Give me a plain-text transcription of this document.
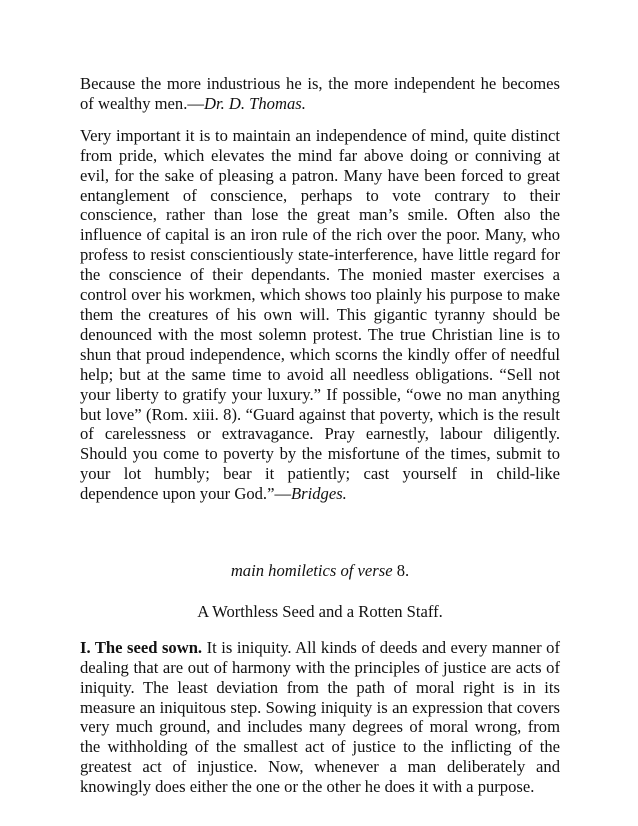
Because the more industrious he is, the more independent he becomes of wealthy men.—Dr. D. Thomas.

Very important it is to maintain an independence of mind, quite distinct from pride, which elevates the mind far above doing or conniving at evil, for the sake of pleasing a patron. Many have been forced to great entanglement of conscience, perhaps to vote contrary to their conscience, rather than lose the great man’s smile. Often also the influence of capital is an iron rule of the rich over the poor. Many, who profess to resist conscientiously state-interference, have little regard for the conscience of their dependants. The monied master exercises a control over his workmen, which shows too plainly his purpose to make them the creatures of his own will. This gigantic tyranny should be denounced with the most solemn protest. The true Christian line is to shun that proud independence, which scorns the kindly offer of needful help; but at the same time to avoid all needless obligations. “Sell not your liberty to gratify your luxury.” If possible, “owe no man anything but love” (Rom. xiii. 8). “Guard against that poverty, which is the result of carelessness or extravagance. Pray earnestly, labour diligently. Should you come to poverty by the misfortune of the times, submit to your lot humbly; bear it patiently; cast yourself in child-like dependence upon your God.”—Bridges.

main homiletics of verse 8.

A Worthless Seed and a Rotten Staff.

I. The seed sown. It is iniquity. All kinds of deeds and every manner of dealing that are out of harmony with the principles of justice are acts of iniquity. The least deviation from the path of moral right is in its measure an iniquitous step. Sowing iniquity is an expression that covers very much ground, and includes many degrees of moral wrong, from the withholding of the smallest act of justice to the inflicting of the greatest act of injustice. Now, whenever a man deliberately and knowingly does either the one or the other he does it with a purpose.
